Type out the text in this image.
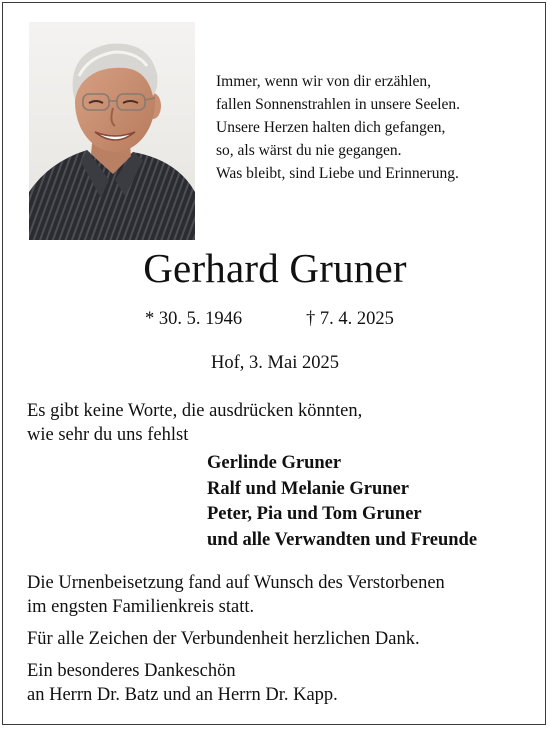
Immer, wenn wir von dir erzählen,
fallen Sonnenstrahlen in unsere Seelen.
Unsere Herzen halten dich gefangen,
so, als wärst du nie gegangen.
Was bleibt, sind Liebe und Erinnerung.
Gerhard Gruner
* 30. 5. 1946	† 7. 4. 2025
Hof, 3. Mai 2025
Es gibt keine Worte, die ausdrücken könnten,
wie sehr du uns fehlst
Gerlinde Gruner
Ralf und Melanie Gruner
Peter, Pia und Tom Gruner
und alle Verwandten und Freunde
Die Urnenbeisetzung fand auf Wunsch des Verstorbenen
im engsten Familienkreis statt.
Für alle Zeichen der Verbundenheit herzlichen Dank.
Ein besonderes Dankeschön
an Herrn Dr. Batz und an Herrn Dr. Kapp.
